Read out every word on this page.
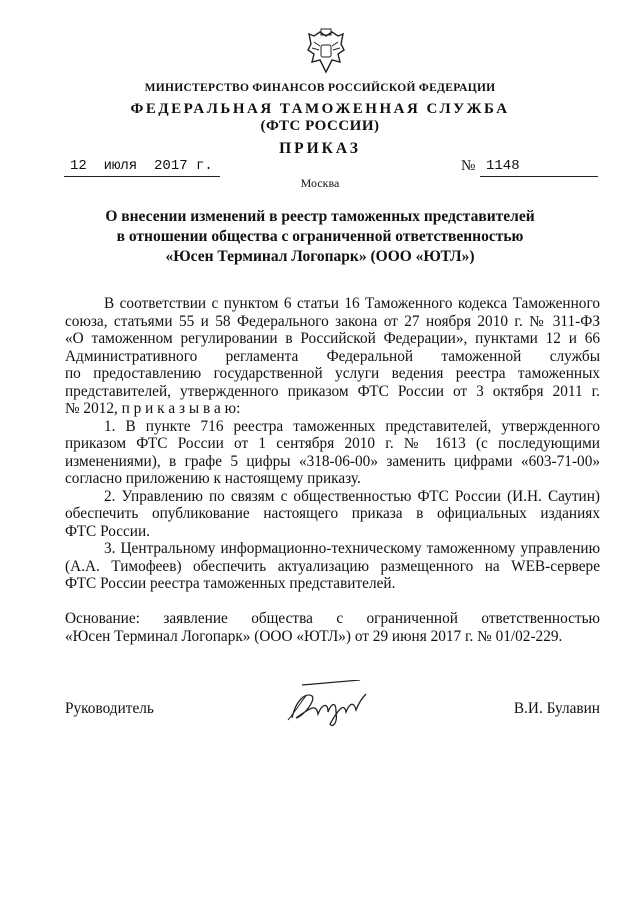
МИНИСТЕРСТВО ФИНАНСОВ РОССИЙСКОЙ ФЕДЕРАЦИИ
ФЕДЕРАЛЬНАЯ ТАМОЖЕННАЯ СЛУЖБА
(ФТС РОССИИ)
ПРИКАЗ
12  июля  2017 г.	№ 1148
Москва
О внесении изменений в реестр таможенных представителей
в отношении общества с ограниченной ответственностью
«Юсен Терминал Логопарк» (ООО «ЮТЛ»)
В соответствии с пунктом 6 статьи 16 Таможенного кодекса Таможенного
союза, статьями 55 и 58 Федерального закона от 27 ноября 2010 г. № 311-ФЗ
«О таможенном регулировании в Российской Федерации», пунктами 12 и 66
Административного регламента Федеральной таможенной службы
по предоставлению государственной услуги ведения реестра таможенных
представителей, утвержденного приказом ФТС России от 3 октября 2011 г.
№ 2012, п р и к а з ы в а ю:
1. В пункте 716 реестра таможенных представителей, утвержденного
приказом ФТС России от 1 сентября 2010 г. № 1613 (с последующими
изменениями), в графе 5 цифры «318-06-00» заменить цифрами «603-71-00»
согласно приложению к настоящему приказу.
2. Управлению по связям с общественностью ФТС России (И.Н. Саутин)
обеспечить опубликование настоящего приказа в официальных изданиях
ФТС России.
3. Центральному информационно-техническому таможенному управлению
(А.А. Тимофеев) обеспечить актуализацию размещенного на WEB-сервере
ФТС России реестра таможенных представителей.
Основание: заявление общества с ограниченной ответственностью
«Юсен Терминал Логопарк» (ООО «ЮТЛ») от 29 июня 2017 г. № 01/02-229.
Руководитель	В.И. Булавин
